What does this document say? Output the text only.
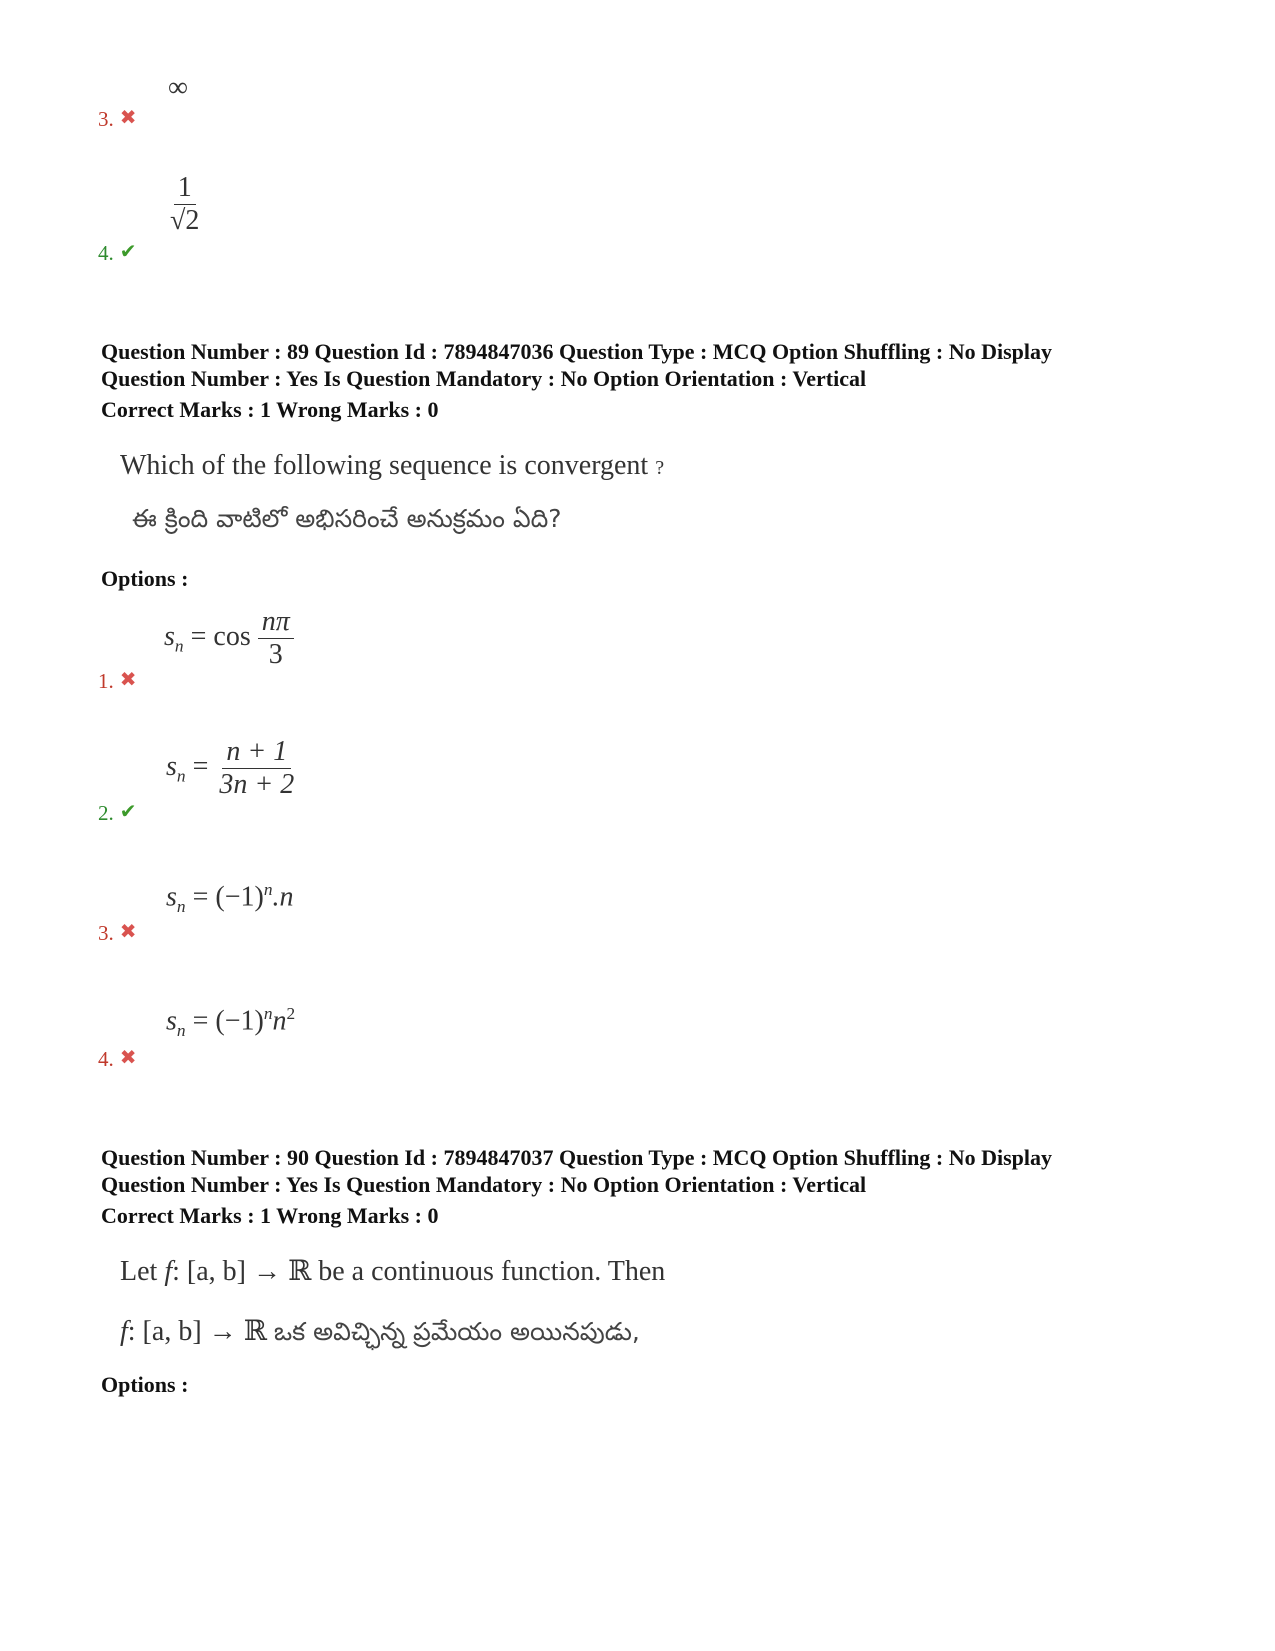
∞
3. ✖
$\frac{1}{√2}$
4. ✔
Question Number : 89 Question Id : 7894847036 Question Type : MCQ Option Shuffling : No Display
Question Number : Yes Is Question Mandatory : No Option Orientation : Vertical
Correct Marks : 1 Wrong Marks : 0
Which of the following sequence is convergent ?
ఈ క్రింది వాటిలో అభిసరించే అనుక్రమం ఏది?
Options :
$s_n = \cos \frac{n\pi}{3}$
1. ✖
$s_n = \frac{n + 1}{3n + 2}$
2. ✔
$s_n = (-1)^n.n$
3. ✖
$s_n = (-1)^nn^2$
4. ✖
Question Number : 90 Question Id : 7894847037 Question Type : MCQ Option Shuffling : No Display
Question Number : Yes Is Question Mandatory : No Option Orientation : Vertical
Correct Marks : 1 Wrong Marks : 0
Let f: [a, b] → ℝ be a continuous function. Then
f: [a, b] → ℝ ఒక అవిచ్ఛిన్న ప్రమేయం అయినపుడు,
Options :
